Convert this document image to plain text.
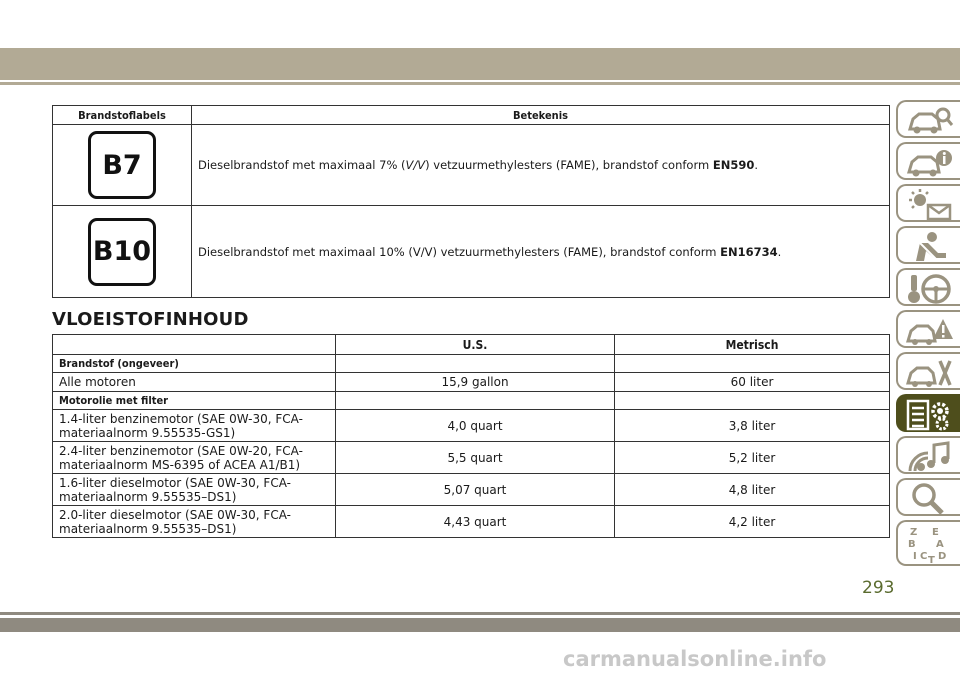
Brandstoflabels	Betekenis
B7	Dieselbrandstof met maximaal 7% (V/V) vetzuurmethylesters (FAME), brandstof conform EN590.
B10	Dieselbrandstof met maximaal 10% (V/V) vetzuurmethylesters (FAME), brandstof conform EN16734.
VLOEISTOFINHOUD
	U.S.	Metrisch
Brandstof (ongeveer)		
Alle motoren	15,9 gallon	60 liter
Motorolie met filter		
1.4-liter benzinemotor (SAE 0W-30, FCA-
materiaalnorm 9.55535-GS1)	4,0 quart	3,8 liter
2.4-liter benzinemotor (SAE 0W-20, FCA-
materiaalnorm MS-6395 of ACEA A1/B1)	5,5 quart	5,2 liter
1.6-liter dieselmotor (SAE 0W-30, FCA-
materiaalnorm 9.55535–DS1)	5,07 quart	4,8 liter
2.0-liter dieselmotor (SAE 0W-30, FCA-
materiaalnorm 9.55535–DS1)	4,43 quart	4,2 liter
Z E
B A
I C T D

293

carmanualsonline.info
